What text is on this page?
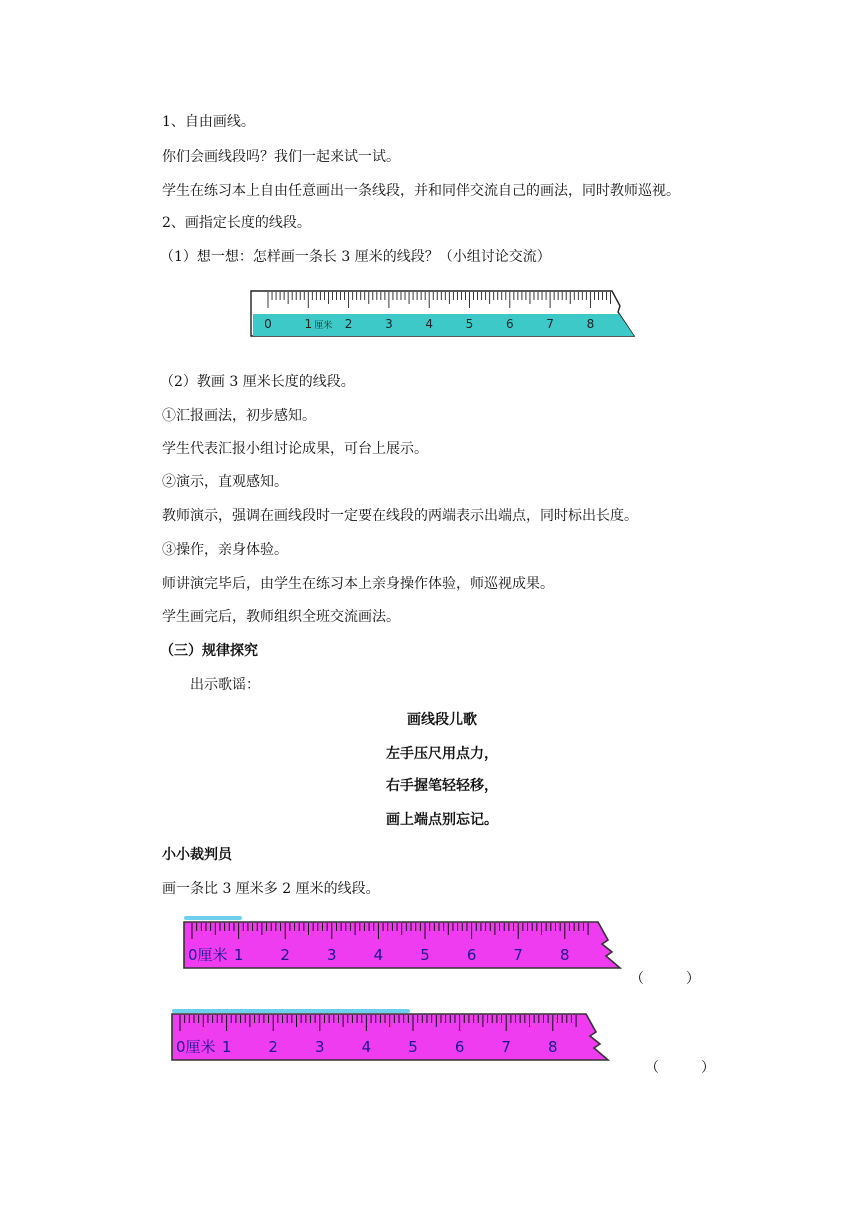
1、自由画线。
你们会画线段吗？我们一起来试一试。
学生在练习本上自由任意画出一条线段，并和同伴交流自己的画法，同时教师巡视。
2、画指定长度的线段。
（1）想一想：怎样画一条长 3 厘米的线段？（小组讨论交流）
0	1	2	3	4	5	6	7	8
厘米
（2）教画 3 厘米长度的线段。
①汇报画法，初步感知。
学生代表汇报小组讨论成果，可台上展示。
②演示，直观感知。
教师演示，强调在画线段时一定要在线段的两端表示出端点，同时标出长度。
③操作，亲身体验。
师讲演完毕后，由学生在练习本上亲身操作体验，师巡视成果。
学生画完后，教师组织全班交流画法。
（三）规律探究
出示歌谣：
画线段儿歌
左手压尺用点力，
右手握笔轻轻移，
画上端点别忘记。
小小裁判员
画一条比 3 厘米多 2 厘米的线段。
0厘米 1 2 3 4 5 6 7 8
（　　　）
0厘米 1 2 3 4 5 6 7 8
（　　　）
